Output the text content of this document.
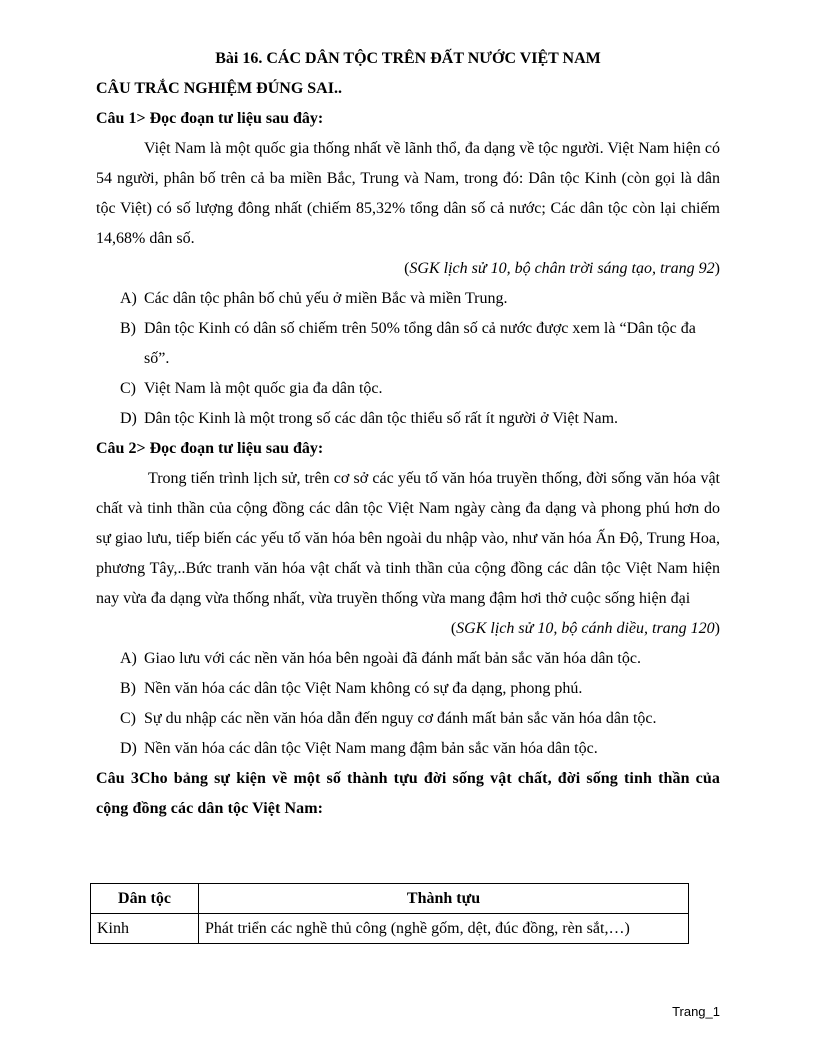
Bài 16. CÁC DÂN TỘC TRÊN ĐẤT NƯỚC VIỆT NAM
CÂU TRẮC NGHIỆM ĐÚNG SAI..
Câu 1> Đọc đoạn tư liệu sau đây:
Việt Nam là một quốc gia thống nhất về lãnh thổ, đa dạng về tộc người. Việt Nam hiện có 54 người, phân bố trên cả ba miền Bắc, Trung và Nam, trong đó: Dân tộc Kinh (còn gọi là dân tộc Việt) có số lượng đông nhất (chiếm 85,32% tổng dân số cả nước; Các dân tộc còn lại chiếm 14,68% dân số.
(SGK lịch sử 10, bộ chân trời sáng tạo, trang 92)
A) Các dân tộc phân bố chủ yếu ở miền Bắc và miền Trung.
B) Dân tộc Kinh có dân số chiếm trên 50% tổng dân số cả nước được xem là “Dân tộc đa số”.
C) Việt Nam là một quốc gia đa dân tộc.
D) Dân tộc Kinh là một trong số các dân tộc thiểu số rất ít người ở Việt Nam.
Câu 2> Đọc đoạn tư liệu sau đây:
Trong tiến trình lịch sử, trên cơ sở các yếu tố văn hóa truyền thống, đời sống văn hóa vật chất và tinh thần của cộng đồng các dân tộc Việt Nam ngày càng đa dạng và phong phú hơn do sự giao lưu, tiếp biến các yếu tố văn hóa bên ngoài du nhập vào, như văn hóa Ấn Độ, Trung Hoa, phương Tây,..Bức tranh văn hóa vật chất và tinh thần của cộng đồng các dân tộc Việt Nam hiện nay vừa đa dạng vừa thống nhất, vừa truyền thống vừa mang đậm hơi thở cuộc sống hiện đại
(SGK lịch sử 10, bộ cánh diều, trang 120)
A) Giao lưu với các nền văn hóa bên ngoài đã đánh mất bản sắc văn hóa dân tộc.
B) Nền văn hóa các dân tộc Việt Nam không có sự đa dạng, phong phú.
C) Sự du nhập các nền văn hóa dẫn đến nguy cơ đánh mất bản sắc văn hóa dân tộc.
D) Nền văn hóa các dân tộc Việt Nam mang đậm bản sắc văn hóa dân tộc.
Câu 3Cho bảng sự kiện về một số thành tựu đời sống vật chất, đời sống tinh thần của cộng đồng các dân tộc Việt Nam:
Dân tộc	Thành tựu
Kinh	Phát triển các nghề thủ công (nghề gốm, dệt, đúc đồng, rèn sắt,…)
Trang_1
